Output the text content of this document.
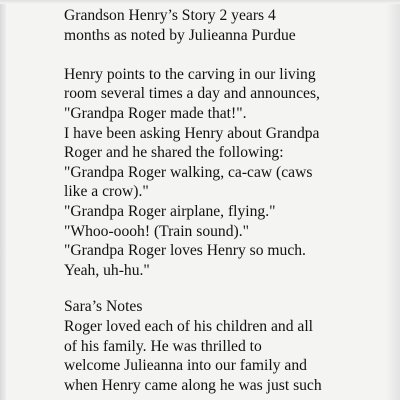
Grandson Henry’s Story 2 years 4
months as noted by Julieanna Purdue
Henry points to the carving in our living
room several times a day and announces,
"Grandpa Roger made that!".
I have been asking Henry about Grandpa
Roger and he shared the following:
"Grandpa Roger walking, ca-caw (caws
like a crow)."
"Grandpa Roger airplane, flying."
"Whoo-oooh! (Train sound)."
"Grandpa Roger loves Henry so much.
Yeah, uh-hu."
Sara’s Notes
Roger loved each of his children and all
of his family. He was thrilled to
welcome Julieanna into our family and
when Henry came along he was just such
